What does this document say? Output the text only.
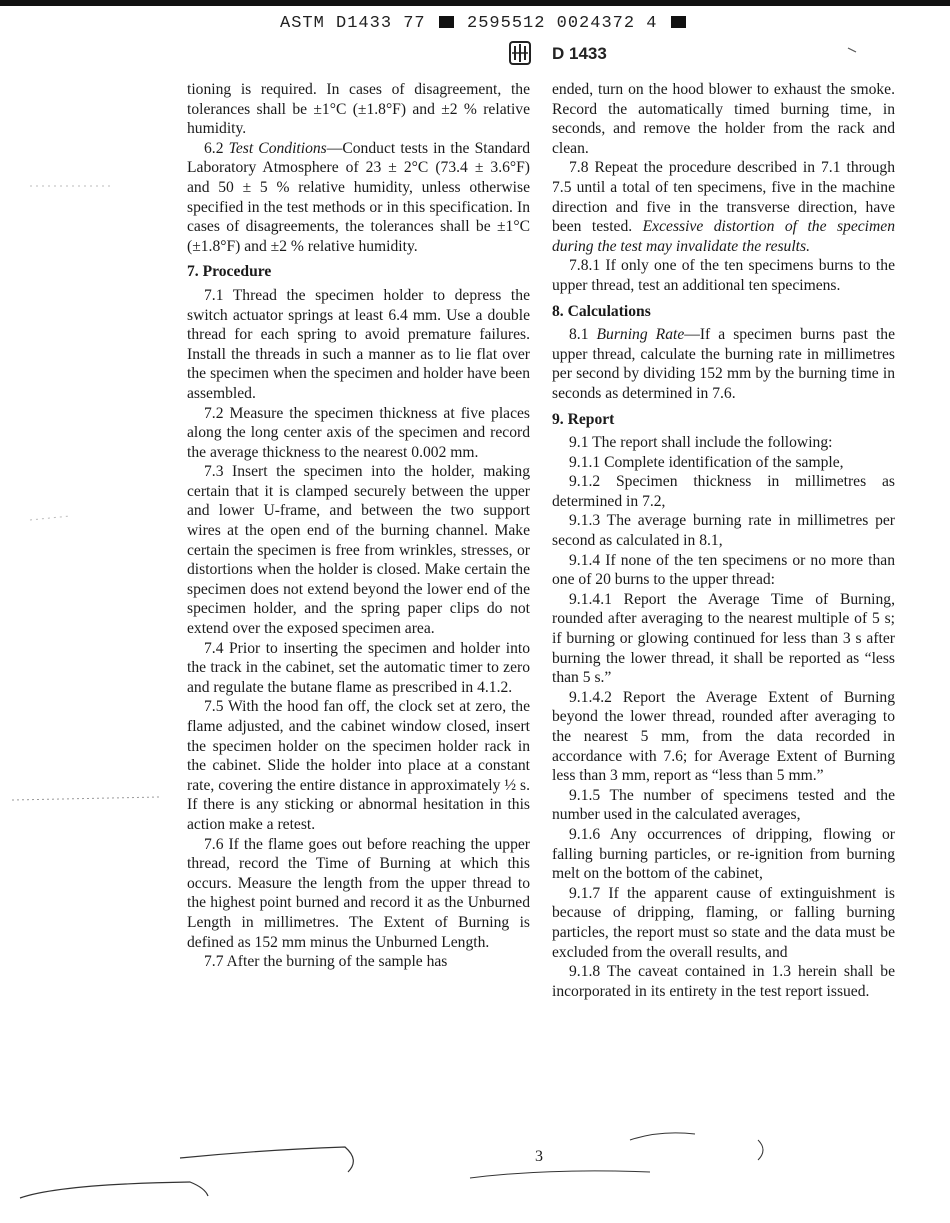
ASTM D1433 77 2595512 0024372 4
D 1433

tioning is required. In cases of disagreement, the tolerances shall be ±1°C (±1.8°F) and ±2 % relative humidity.

6.2 Test Conditions—Conduct tests in the Standard Laboratory Atmosphere of 23 ± 2°C (73.4 ± 3.6°F) and 50 ± 5 % relative humidity, unless otherwise specified in the test methods or in this specification. In cases of disagreements, the tolerances shall be ±1°C (±1.8°F) and ±2 % relative humidity.

7. Procedure

7.1 Thread the specimen holder to depress the switch actuator springs at least 6.4 mm. Use a double thread for each spring to avoid premature failures. Install the threads in such a manner as to lie flat over the specimen when the specimen and holder have been assembled.

7.2 Measure the specimen thickness at five places along the long center axis of the specimen and record the average thickness to the nearest 0.002 mm.

7.3 Insert the specimen into the holder, making certain that it is clamped securely between the upper and lower U-frame, and between the two support wires at the open end of the burning channel. Make certain the specimen is free from wrinkles, stresses, or distortions when the holder is closed. Make certain the specimen does not extend beyond the lower end of the specimen holder, and the spring paper clips do not extend over the exposed specimen area.

7.4 Prior to inserting the specimen and holder into the track in the cabinet, set the automatic timer to zero and regulate the butane flame as prescribed in 4.1.2.

7.5 With the hood fan off, the clock set at zero, the flame adjusted, and the cabinet window closed, insert the specimen holder on the specimen holder rack in the cabinet. Slide the holder into place at a constant rate, covering the entire distance in approximately ½ s. If there is any sticking or abnormal hesitation in this action make a retest.

7.6 If the flame goes out before reaching the upper thread, record the Time of Burning at which this occurs. Measure the length from the upper thread to the highest point burned and record it as the Unburned Length in millimetres. The Extent of Burning is defined as 152 mm minus the Unburned Length.

7.7 After the burning of the sample has

ended, turn on the hood blower to exhaust the smoke. Record the automatically timed burning time, in seconds, and remove the holder from the rack and clean.

7.8 Repeat the procedure described in 7.1 through 7.5 until a total of ten specimens, five in the machine direction and five in the transverse direction, have been tested. Excessive distortion of the specimen during the test may invalidate the results.

7.8.1 If only one of the ten specimens burns to the upper thread, test an additional ten specimens.

8. Calculations

8.1 Burning Rate—If a specimen burns past the upper thread, calculate the burning rate in millimetres per second by dividing 152 mm by the burning time in seconds as determined in 7.6.

9. Report

9.1 The report shall include the following:

9.1.1 Complete identification of the sample,

9.1.2 Specimen thickness in millimetres as determined in 7.2,

9.1.3 The average burning rate in millimetres per second as calculated in 8.1,

9.1.4 If none of the ten specimens or no more than one of 20 burns to the upper thread:

9.1.4.1 Report the Average Time of Burning, rounded after averaging to the nearest multiple of 5 s; if burning or glowing continued for less than 3 s after burning the lower thread, it shall be reported as “less than 5 s.”

9.1.4.2 Report the Average Extent of Burning beyond the lower thread, rounded after averaging to the nearest 5 mm, from the data recorded in accordance with 7.6; for Average Extent of Burning less than 3 mm, report as “less than 5 mm.”

9.1.5 The number of specimens tested and the number used in the calculated averages,

9.1.6 Any occurrences of dripping, flowing or falling burning particles, or re-ignition from burning melt on the bottom of the cabinet,

9.1.7 If the apparent cause of extinguishment is because of dripping, flaming, or falling burning particles, the report must so state and the data must be excluded from the overall results, and

9.1.8 The caveat contained in 1.3 herein shall be incorporated in its entirety in the test report issued.

3
